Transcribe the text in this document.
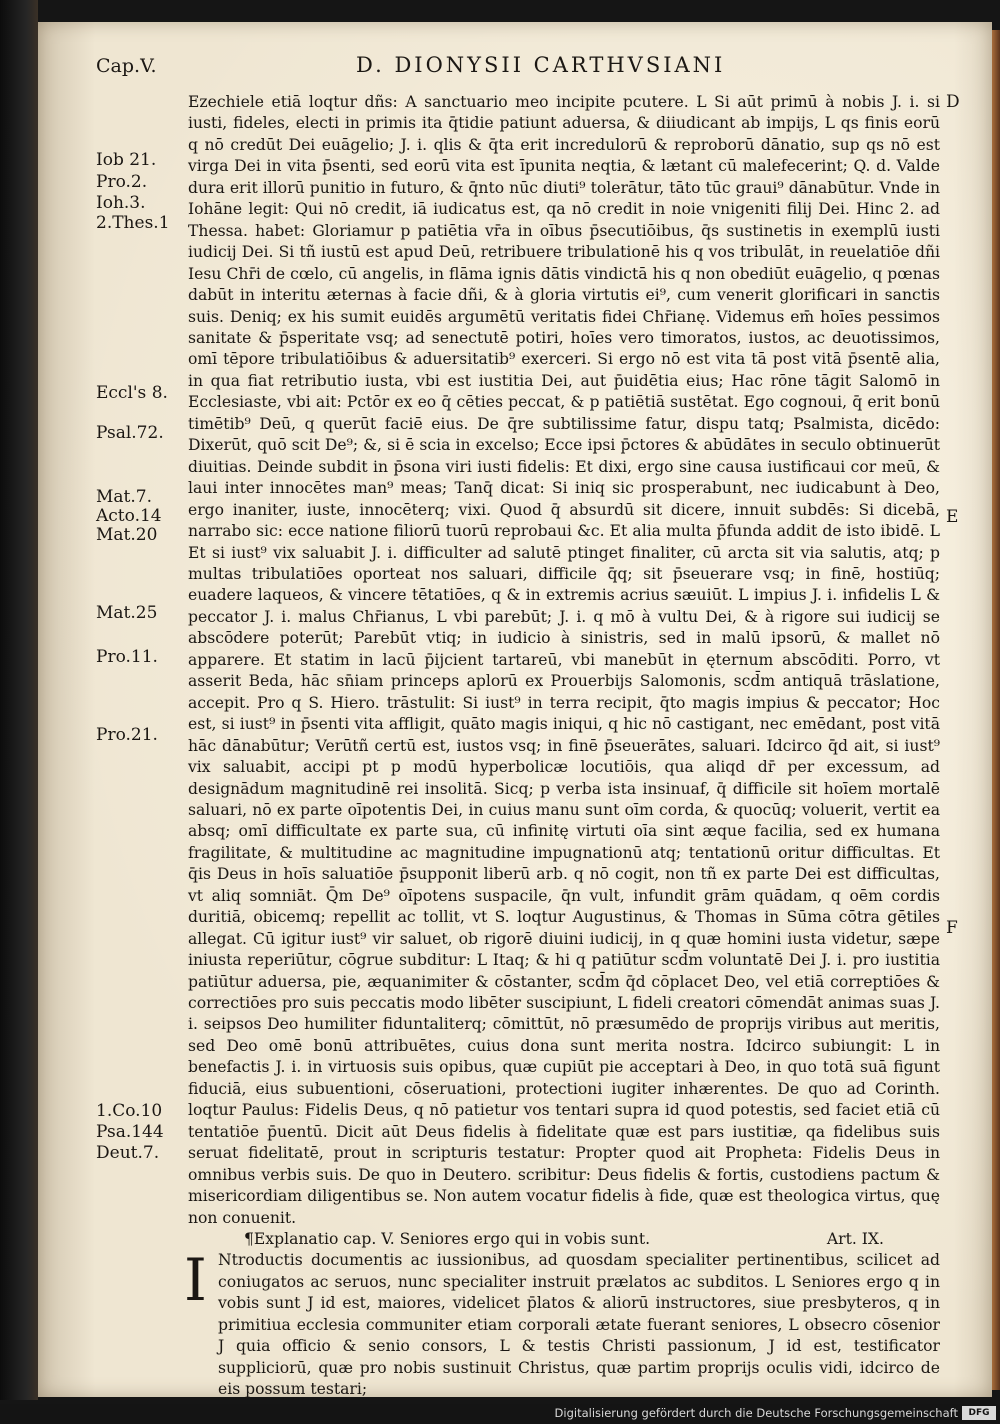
Cap.V.	D. DIONYSII CARTHVSIANI
Iob 21.
Pro.2.
Ioh.3.
2.Thes.1
Eccl's 8.
Psal.72.
Mat.7.
Acto.14
Mat.20
Mat.25
Pro.11.
Pro.21.
1.Co.10
Psa.144
Deut.7.
D
E
F

Ezechiele etiā loqtur dñs: A sanctuario meo incipite pcutere. L Si aūt primū à nobis J. i. si iusti, fideles, electi in primis ita q̄tidie patiunt aduersa, & diiudicant ab impijs, L qs finis eorū q nō credūt Dei euāgelio; J. i. qlis & q̄ta erit incredulorū & reproborū dānatio, sup qs nō est virga Dei in vita p̄senti, sed eorū vita est īpunita neqtia, & lætant cū malefecerint; Q. d. Valde dura erit illorū punitio in futuro, & q̄nto nūc diuti⁹ tolerātur, tāto tūc graui⁹ dānabūtur. Vnde in Iohāne legit: Qui nō credit, iā iudicatus est, qa nō credit in noie vnigeniti filij Dei. Hinc 2. ad Thessa. habet: Gloriamur p patiētia vr̄a in oībus p̄secutiōibus, q̄s sustinetis in exemplū iusti iudicij Dei. Si tñ iustū est apud Deū, retribuere tribulationē his q vos tribulāt, in reuelatiōe dñi Iesu Chr̄i de cœlo, cū angelis, in flāma ignis dātis vindictā his q non obediūt euāgelio, q pœnas dabūt in interitu æternas à facie dñi, & à gloria virtutis ei⁹, cum venerit glorificari in sanctis suis. Deniq; ex his sumit euidēs argumētū veritatis fidei Chr̄ianę. Videmus em̄ hoīes pessimos sanitate & p̄speritate vsq; ad senectutē potiri, hoīes vero timoratos, iustos, ac deuotissimos, omī tēpore tribulatiōibus & aduersitatib⁹ exerceri. Si ergo nō est vita tā post vitā p̄sentē alia, in qua fiat retributio iusta, vbi est iustitia Dei, aut p̄uidētia eius; Hac rōne tāgit Salomō in Ecclesiaste, vbi ait: Pctōr ex eo q̄ cēties peccat, & p patiētiā sustētat. Ego cognoui, q̄ erit bonū timētib⁹ Deū, q querūt faciē eius. De q̄re subtilissime fatur, dispu tatq; Psalmista, dicēdo: Dixerūt, quō scit De⁹; &, si ē scia in excelso; Ecce ipsi p̄ctores & abūdātes in seculo obtinuerūt diuitias. Deinde subdit in p̄sona viri iusti fidelis: Et dixi, ergo sine causa iustificaui cor meū, & laui inter innocētes man⁹ meas; Tanq̄ dicat: Si iniq sic prosperabunt, nec iudicabunt à Deo, ergo inaniter, iuste, innocēterq; vixi. Quod q̄ absurdū sit dicere, innuit subdēs: Si dicebā, narrabo sic: ecce natione filiorū tuorū reprobaui &c. Et alia multa p̄funda addit de isto ibidē. L Et si iust⁹ vix saluabit J. i. difficulter ad salutē ptinget finaliter, cū arcta sit via salutis, atq; p multas tribulatiōes oporteat nos saluari, difficile q̄q; sit p̄seuerare vsq; in finē, hostiūq; euadere laqueos, & vincere tētatiōes, q & in extremis acrius sæuiūt. L impius J. i. infidelis L & peccator J. i. malus Chr̄ianus, L vbi parebūt; J. i. q mō à vultu Dei, & à rigore sui iudicij se abscōdere poterūt; Parebūt vtiq; in iudicio à sinistris, sed in malū ipsorū, & mallet nō apparere. Et statim in lacū p̄ijcient tartareū, vbi manebūt in ęternum abscōditi. Porro, vt asserit Beda, hāc sn̄iam princeps aplorū ex Prouerbijs Salomonis, scd̄m antiquā trāslatione, accepit. Pro q S. Hiero. trāstulit: Si iust⁹ in terra recipit, q̄to magis impius & peccator; Hoc est, si iust⁹ in p̄senti vita affligit, quāto magis iniqui, q hic nō castigant, nec emēdant, post vitā hāc dānabūtur; Verūtñ certū est, iustos vsq; in finē p̄seuerātes, saluari. Idcirco q̄d ait, si iust⁹ vix saluabit, accipi pt p modū hyperbolicæ locutiōis, qua aliqd dr̄ per excessum, ad designādum magnitudinē rei insolitā. Sicq; p verba ista insinuaf, q̄ difficile sit hoīem mortalē saluari, nō ex parte oīpotentis Dei, in cuius manu sunt oīm corda, & quocūq; voluerit, vertit ea absq; omī difficultate ex parte sua, cū infinitę virtuti oīa sint æque facilia, sed ex humana fragilitate, & multitudine ac magnitudine impugnationū atq; tentationū oritur difficultas. Et q̄is Deus in hoīs saluatiōe p̄supponit liberū arb. q nō cogit, non tñ ex parte Dei est difficultas, vt aliq somniāt. Q̄m De⁹ oīpotens suspacile, q̄n vult, infundit grām quādam, q oēm cordis duritiā, obicemq; repellit ac tollit, vt S. loqtur Augustinus, & Thomas in Sūma cōtra gētiles allegat. Cū igitur iust⁹ vir saluet, ob rigorē diuini iudicij, in q quæ homini iusta videtur, sæpe iniusta reperiūtur, cōgrue subditur: L Itaq; & hi q patiūtur scd̄m voluntatē Dei J. i. pro iustitia patiūtur aduersa, pie, æquanimiter & cōstanter, scd̄m q̄d cōplacet Deo, vel etiā correptiōes & correctiōes pro suis peccatis modo libēter suscipiunt, L fideli creatori cōmendāt animas suas J. i. seipsos Deo humiliter fiduntaliterq; cōmittūt, nō præsumēdo de proprijs viribus aut meritis, sed Deo omē bonū attribuētes, cuius dona sunt merita nostra. Idcirco subiungit: L in benefactis J. i. in virtuosis suis opibus, quæ cupiūt pie acceptari à Deo, in quo totā suā figunt fiduciā, eius subuentioni, cōseruationi, protectioni iugiter inhærentes. De quo ad Corinth. loqtur Paulus: Fidelis Deus, q nō patietur vos tentari supra id quod potestis, sed faciet etiā cū tentatiōe p̄uentū. Dicit aūt Deus fidelis à fidelitate quæ est pars iustitiæ, qa fidelibus suis seruat fidelitatē, prout in scripturis testatur: Propter quod ait Propheta: Fidelis Deus in omnibus verbis suis. De quo in Deutero. scribitur: Deus fidelis & fortis, custodiens pactum & misericordiam diligentibus se. Non autem vocatur fidelis à fide, quæ est theologica virtus, quę non conuenit.

¶Explanatio cap. V. Seniores ergo qui in vobis sunt.	Art. IX.
I Ntroductis documentis ac iussionibus, ad quosdam specialiter pertinentibus, scilicet ad coniugatos ac seruos, nunc specialiter instruit prælatos ac subditos. L Seniores ergo q in vobis sunt J id est, maiores, videlicet p̄latos & aliorū instructores, siue presbyteros, q in primitiua ecclesia communiter etiam corporali ætate fuerant seniores, L obsecro cōsenior J quia officio & senio consors, L & testis Christi passionum, J id est, testificator suppliciorū, quæ pro nobis sustinuit Christus, quæ partim proprijs oculis vidi, idcirco de eis possum testari;

Digitalisierung gefördert durch die Deutsche Forschungsgemeinschaft	DFG
